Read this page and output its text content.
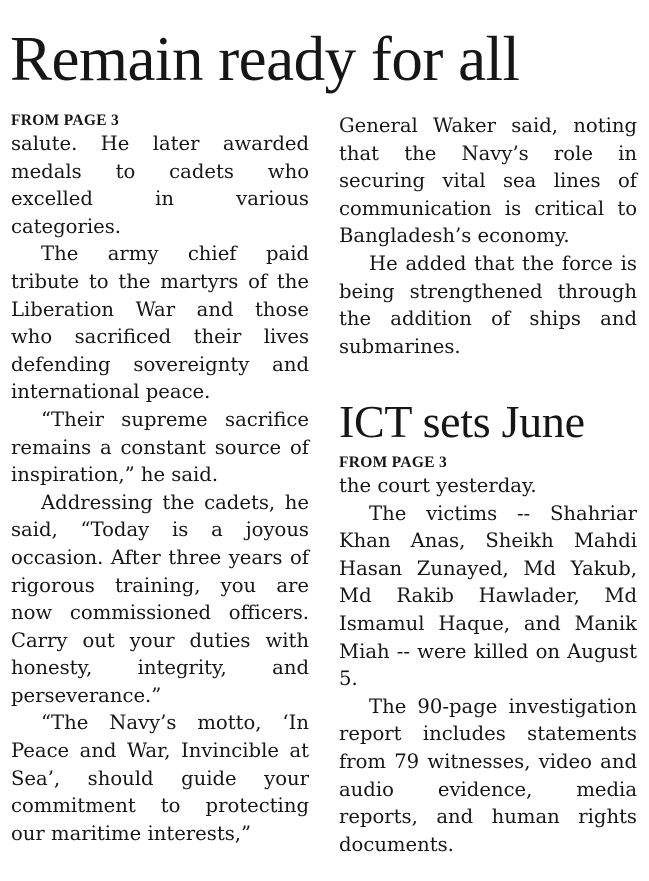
Remain ready for all
FROM PAGE 3

salute. He later awarded medals to cadets who excelled in various categories.

The army chief paid tribute to the martyrs of the Liberation War and those who sacrificed their lives defending sovereignty and international peace.

“Their supreme sacrifice remains a constant source of inspiration,” he said.

Addressing the cadets, he said, “Today is a joyous occasion. After three years of rigorous training, you are now commissioned officers. Carry out your duties with honesty, integrity, and perseverance.”

“The Navy’s motto, ‘In Peace and War, Invincible at Sea’, should guide your commitment to protecting our maritime interests,”

General Waker said, noting that the Navy’s role in securing vital sea lines of communication is critical to Bangladesh’s economy.

He added that the force is being strengthened through the addition of ships and submarines.

ICT sets June
FROM PAGE 3

the court yesterday.

The victims -- Shahriar Khan Anas, Sheikh Mahdi Hasan Zunayed, Md Yakub, Md Rakib Hawlader, Md Ismamul Haque, and Manik Miah -- were killed on August 5.

The 90-page investigation report includes statements from 79 witnesses, video and audio evidence, media reports, and human rights documents.
